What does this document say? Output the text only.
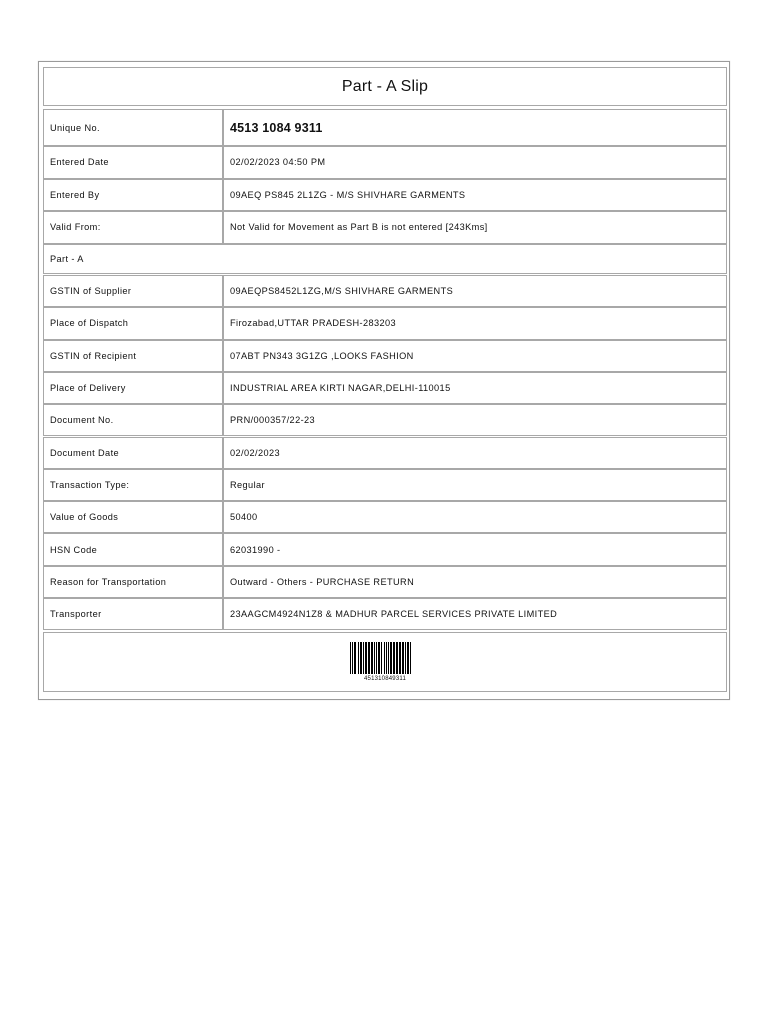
Part - A Slip
Unique No.	4513 1084 9311
Entered Date	02/02/2023 04:50 PM
Entered By	09AEQ PS845 2L1ZG - M/S SHIVHARE GARMENTS
Valid From:	Not Valid for Movement as Part B is not entered [243Kms]
Part - A
GSTIN of Supplier	09AEQPS8452L1ZG,M/S SHIVHARE GARMENTS
Place of Dispatch	Firozabad,UTTAR PRADESH-283203
GSTIN of Recipient	07ABT PN343 3G1ZG ,LOOKS FASHION
Place of Delivery	INDUSTRIAL AREA KIRTI NAGAR,DELHI-110015
Document No.	PRN/000357/22-23
Document Date	02/02/2023
Transaction Type:	Regular
Value of Goods	50400
HSN Code	62031990 -
Reason for Transportation	Outward - Others - PURCHASE RETURN
Transporter	23AAGCM4924N1Z8 & MADHUR PARCEL SERVICES PRIVATE LIMITED
451310849311
